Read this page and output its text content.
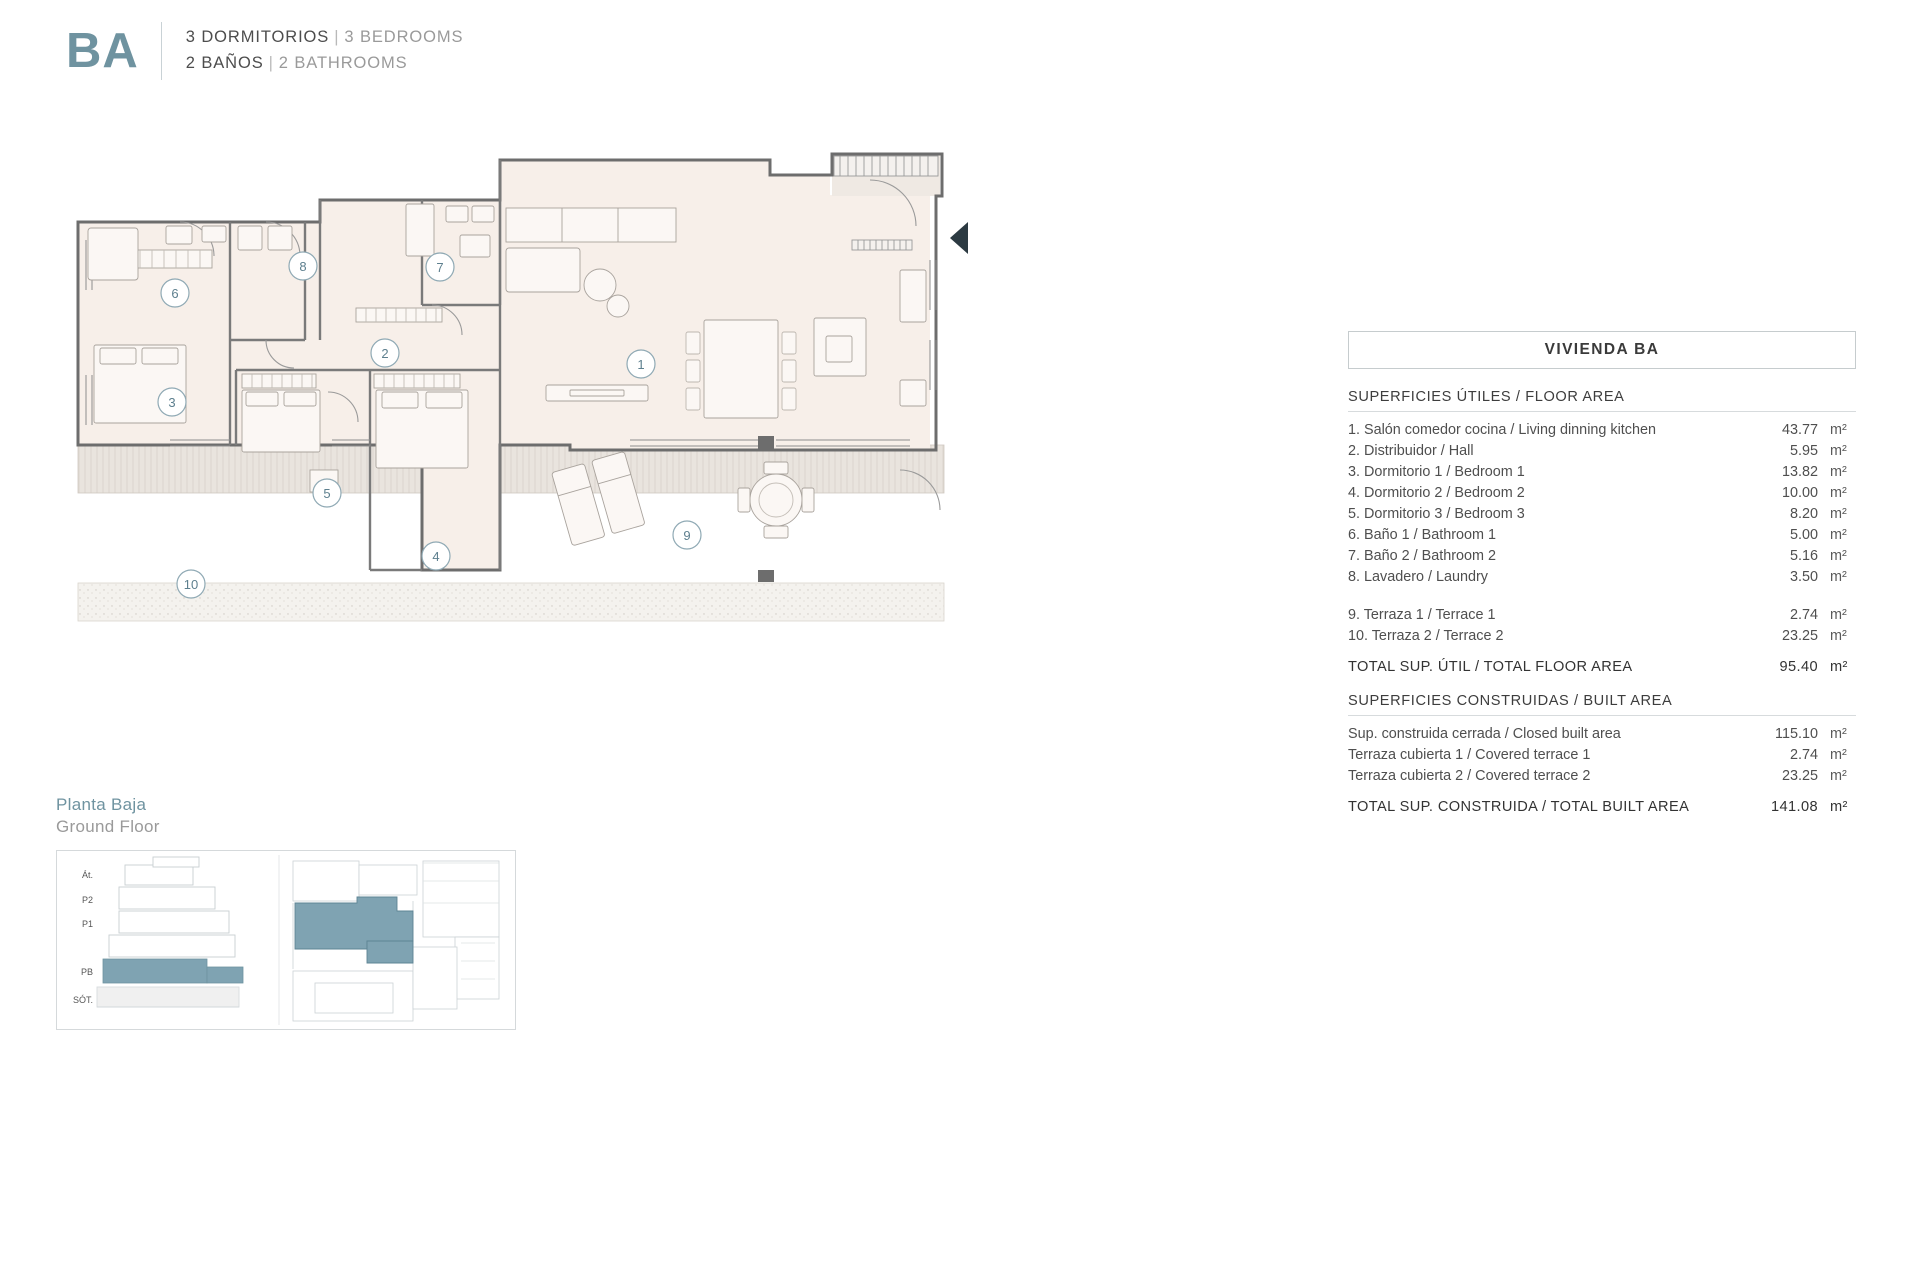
BA	3 DORMITORIOS | 3 BEDROOMS
2 BAÑOS | 2 BATHROOMS
1
2
3
4
5
6
7
8
9
10
VIVIENDA BA
SUPERFICIES ÚTILES / FLOOR AREA
1. Salón comedor cocina / Living dinning kitchen	43.77 m²
2. Distribuidor / Hall	5.95 m²
3. Dormitorio 1 / Bedroom 1	13.82 m²
4. Dormitorio 2 / Bedroom 2	10.00 m²
5. Dormitorio 3 / Bedroom 3	8.20 m²
6. Baño 1 / Bathroom 1	5.00 m²
7. Baño 2 / Bathroom 2	5.16 m²
8. Lavadero / Laundry	3.50 m²
9. Terraza 1 / Terrace 1	2.74 m²
10. Terraza 2 / Terrace 2	23.25 m²
TOTAL SUP. ÚTIL / TOTAL FLOOR AREA	95.40 m²
SUPERFICIES CONSTRUIDAS / BUILT AREA
Sup. construida cerrada / Closed built area	115.10 m²
Terraza cubierta 1 / Covered terrace 1	2.74 m²
Terraza cubierta 2 / Covered terrace 2	23.25 m²
TOTAL SUP. CONSTRUIDA / TOTAL BUILT AREA	141.08 m²
Planta Baja
Ground Floor
Át.
P2
P1
PB
SÓT.
